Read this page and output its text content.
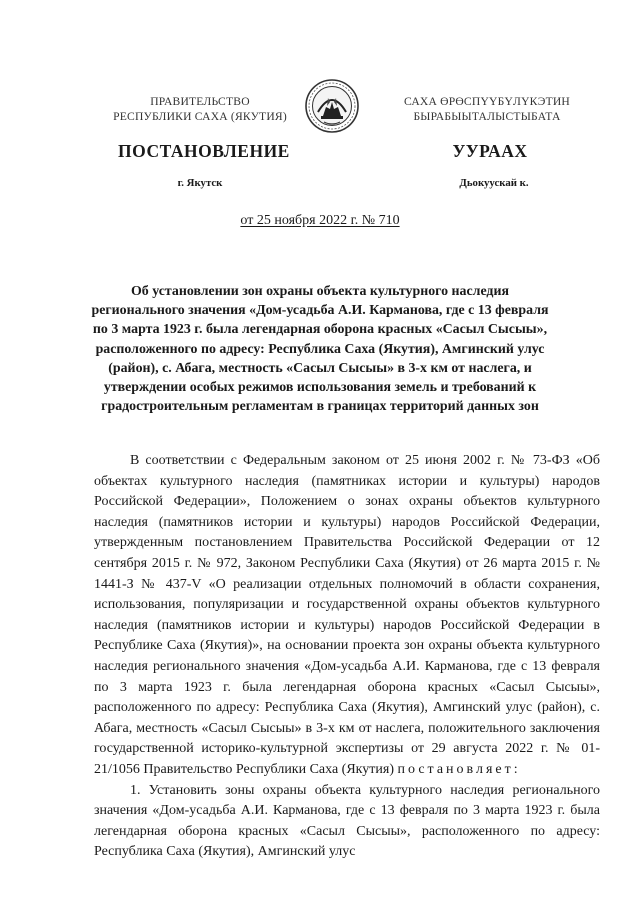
ПРАВИТЕЛЬСТВО
РЕСПУБЛИКИ САХА (ЯКУТИЯ)
САХА ӨРӨСПҮҮБҮЛҮКЭТИН
БЫРАБЫЫТАЛЫСТЫБАТА
ПОСТАНОВЛЕНИЕ	УУРААХ
г. Якутск	Дьокуускай к.
от 25 ноября 2022 г. № 710
Об установлении зон охраны объекта культурного наследия
регионального значения «Дом-усадьба А.И. Карманова, где с 13 февраля
по 3 марта 1923 г. была легендарная оборона красных «Сасыл Сысыы»,
расположенного по адресу: Республика Саха (Якутия), Амгинский улус
(район), с. Абага, местность «Сасыл Сысыы» в 3-х км от наслега, и
утверждении особых режимов использования земель и требований к
градостроительным регламентам в границах территорий данных зон

В соответствии с Федеральным законом от 25 июня 2002 г. № 73-ФЗ «Об объектах культурного наследия (памятниках истории и культуры) народов Российской Федерации», Положением о зонах охраны объектов культурного наследия (памятников истории и культуры) народов Российской Федерации, утвержденным постановлением Правительства Российской Федерации от 12 сентября 2015 г. № 972, Законом Республики Саха (Якутия) от 26 марта 2015 г. № 1441-З № 437-V «О реализации отдельных полномочий в области сохранения, использования, популяризации и государственной охраны объектов культурного наследия (памятников истории и культуры) народов Российской Федерации в Республике Саха (Якутия)», на основании проекта зон охраны объекта культурного наследия регионального значения «Дом-усадьба А.И. Карманова, где с 13 февраля по 3 марта 1923 г. была легендарная оборона красных «Сасыл Сысыы», расположенного по адресу: Республика Саха (Якутия), Амгинский улус (район), с. Абага, местность «Сасыл Сысыы» в 3-х км от наслега, положительного заключения государственной историко-культурной экспертизы от 29 августа 2022 г. № 01-21/1056 Правительство Республики Саха (Якутия) постановляет:

1. Установить зоны охраны объекта культурного наследия регионального значения «Дом-усадьба А.И. Карманова, где с 13 февраля по 3 марта 1923 г. была легендарная оборона красных «Сасыл Сысыы», расположенного по адресу: Республика Саха (Якутия), Амгинский улус
